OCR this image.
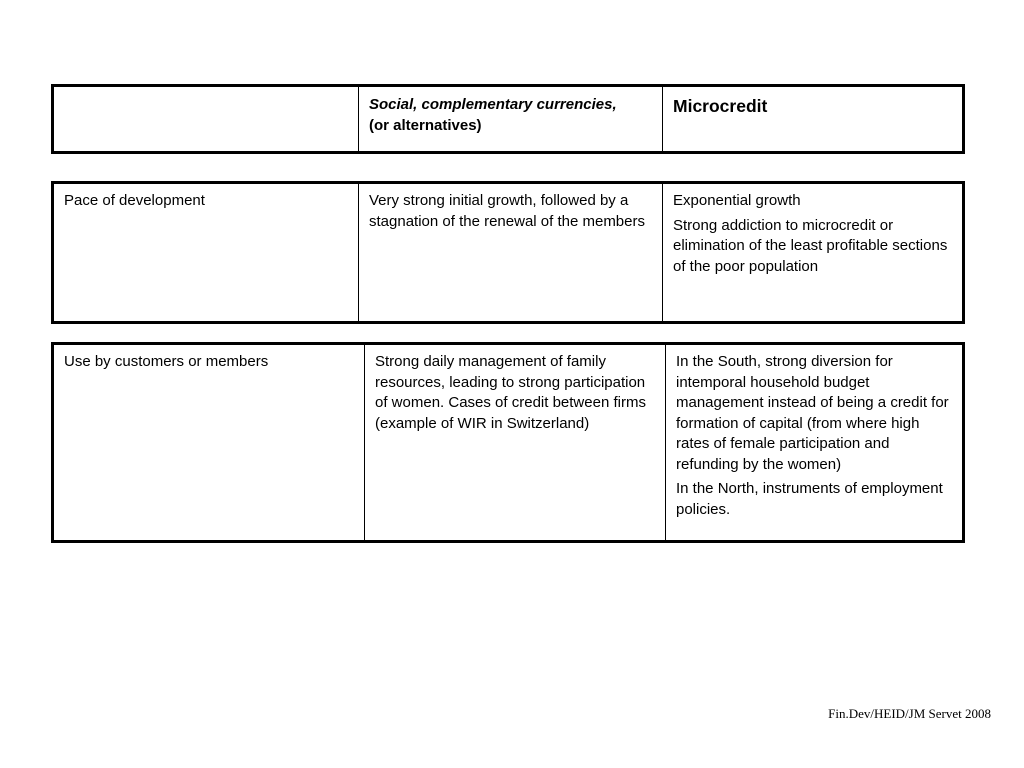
Social, complementary currencies,
(or alternatives)
Microcredit
Pace of development	Very strong initial growth, followed by a stagnation of the renewal of the members

Exponential growth

Strong addiction to microcredit or elimination of the least profitable sections of the poor population

Use by customers or members	Strong daily management of family resources, leading to strong participation of women. Cases of credit between firms (example of WIR in Switzerland)

In the South, strong diversion for intemporal household budget management instead of being a credit for formation of capital (from where high rates of female participation and refunding by the women)

In the North, instruments of employment policies.

Fin.Dev/HEID/JM Servet 2008
